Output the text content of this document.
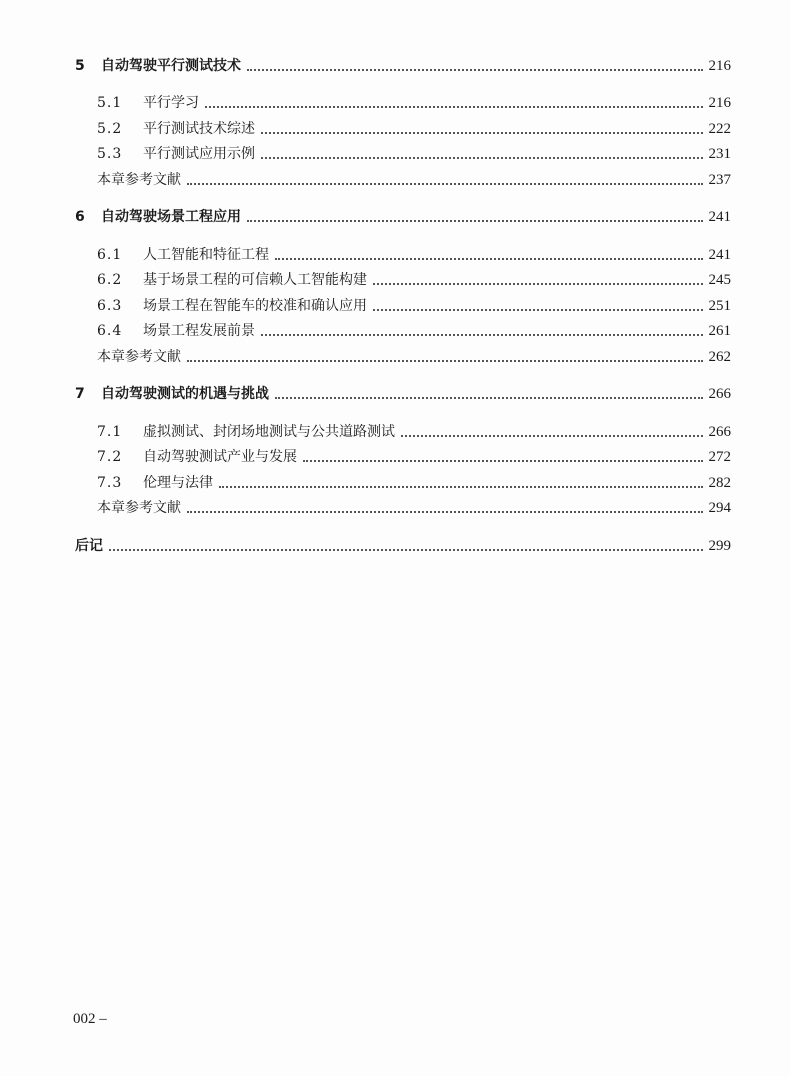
5	自动驾驶平行测试技术	216
5.1	平行学习	216
5.2	平行测试技术综述	222
5.3	平行测试应用示例	231
本章参考文献	237
6	自动驾驶场景工程应用	241
6.1	人工智能和特征工程	241
6.2	基于场景工程的可信赖人工智能构建	245
6.3	场景工程在智能车的校准和确认应用	251
6.4	场景工程发展前景	261
本章参考文献	262
7	自动驾驶测试的机遇与挑战	266
7.1	虚拟测试、封闭场地测试与公共道路测试	266
7.2	自动驾驶测试产业与发展	272
7.3	伦理与法律	282
本章参考文献	294
后记	299
002 –
